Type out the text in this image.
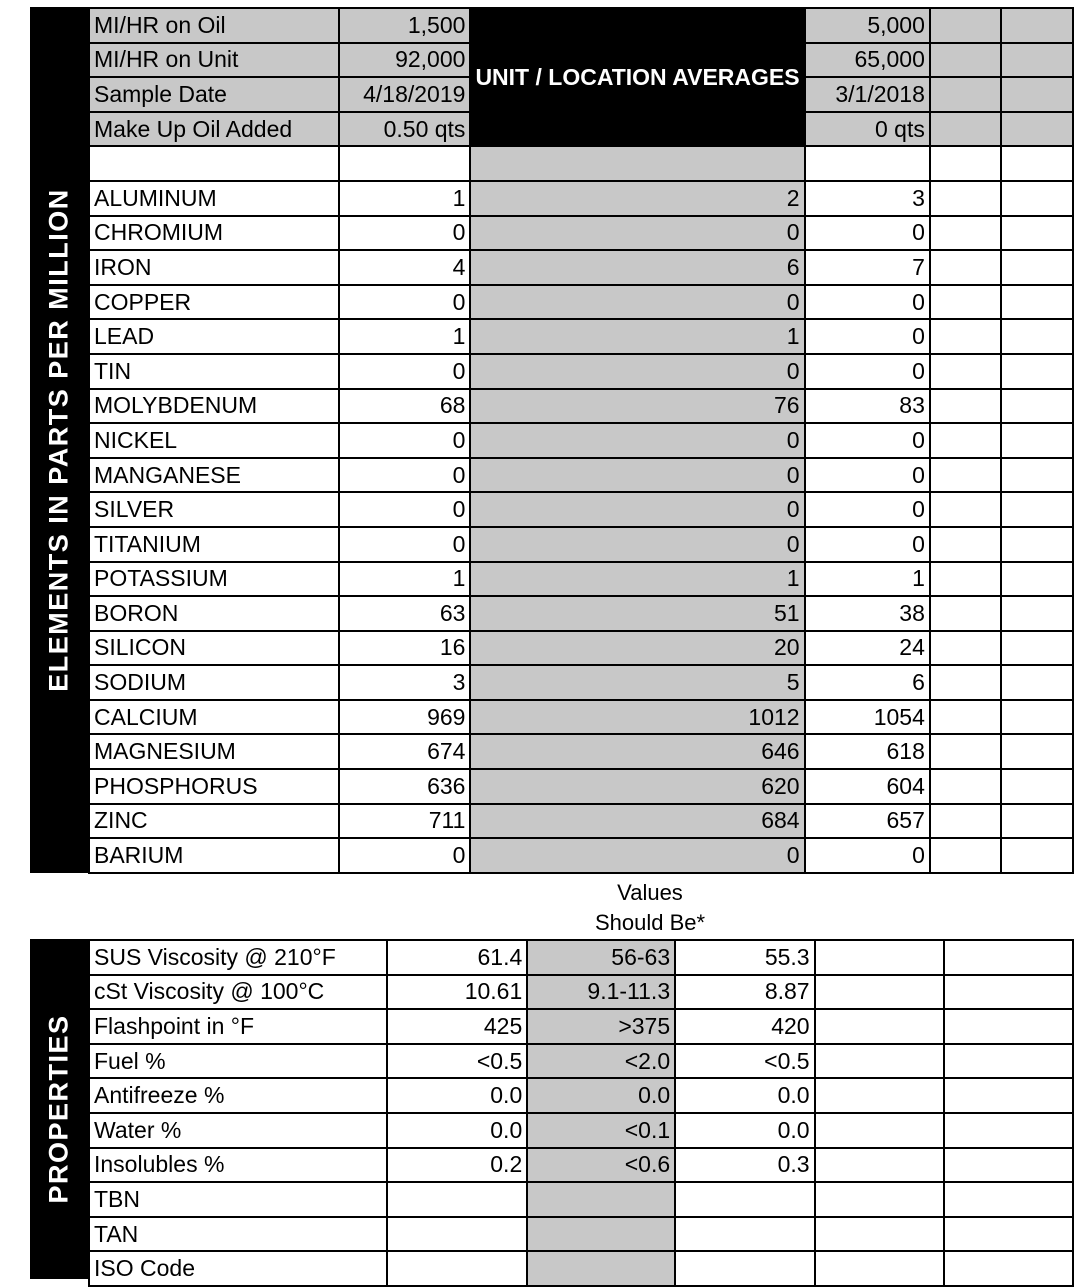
ELEMENTS IN PARTS PER MILLION
PROPERTIES
MI/HR on Oil	1,500	UNIT / LOCATION AVERAGES	5,000		
MI/HR on Unit	92,000		65,000		
Sample Date	4/18/2019		3/1/2018		
Make Up Oil Added	0.50 qts		0 qts		

ALUMINUM	1	2	3		
CHROMIUM	0	0	0		
IRON	4	6	7		
COPPER	0	0	0		
LEAD	1	1	0		
TIN	0	0	0		
MOLYBDENUM	68	76	83		
NICKEL	0	0	0		
MANGANESE	0	0	0		
SILVER	0	0	0		
TITANIUM	0	0	0		
POTASSIUM	1	1	1		
BORON	63	51	38		
SILICON	16	20	24		
SODIUM	3	5	6		
CALCIUM	969	1012	1054		
MAGNESIUM	674	646	618		
PHOSPHORUS	636	620	604		
ZINC	711	684	657		
BARIUM	0	0	0		
Values
Should Be*
SUS Viscosity @ 210°F	61.4	56-63	55.3		
cSt Viscosity @ 100°C	10.61	9.1-11.3	8.87		
Flashpoint in °F	425	>375	420		
Fuel %	<0.5	<2.0	<0.5		
Antifreeze %	0.0	0.0	0.0		
Water %	0.0	<0.1	0.0		
Insolubles %	0.2	<0.6	0.3		
TBN					
TAN					
ISO Code					
